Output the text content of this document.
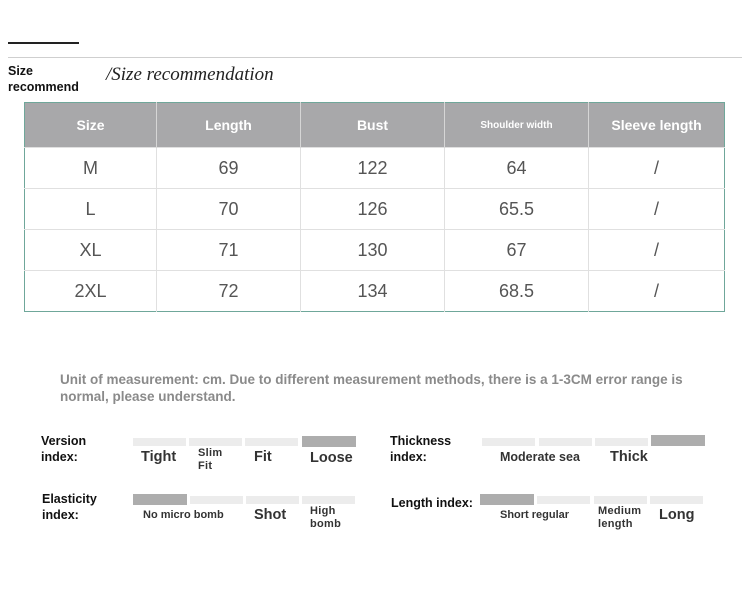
Size
recommend
/Size recommendation
Size	Length	Bust	Shoulder width	Sleeve length
M	69	122	64	/
L	70	126	65.5	/
XL	71	130	67	/
2XL	72	134	68.5	/
Unit of measurement: cm. Due to different measurement methods, there is a 1-3CM error range is normal, please understand.
Version
index:	Tight Slim Fit
Fit	Loose
Thickness
index:	Moderate sea Thick
Elasticity
index:	No micro bomb Shot High bomb
Length index:
Short regular	Medium length
Long
